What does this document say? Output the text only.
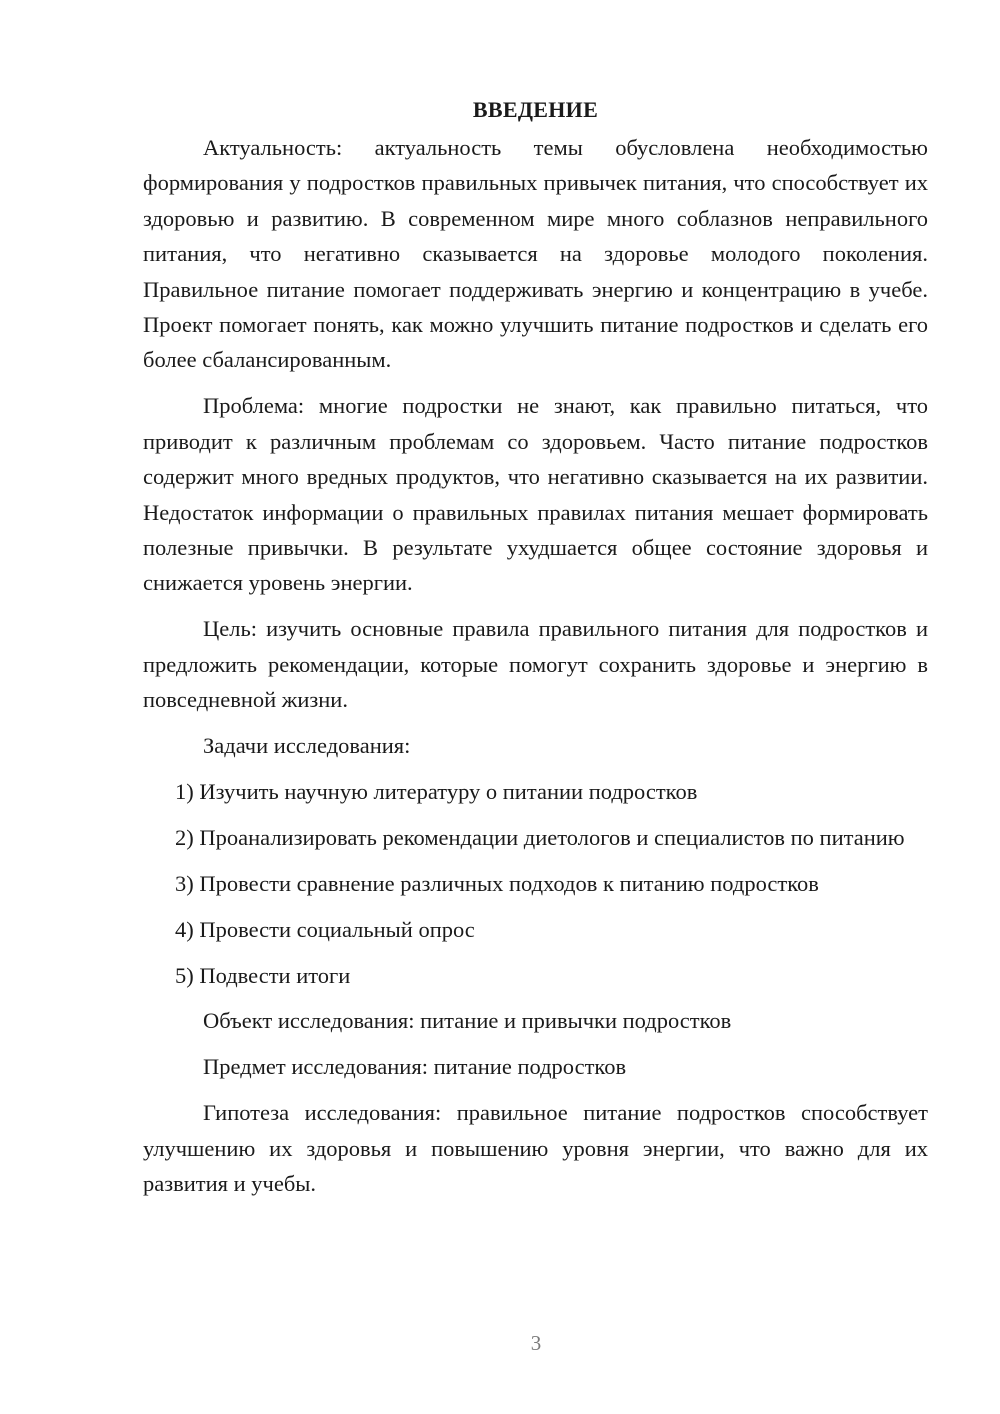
ВВЕДЕНИЕ

Актуальность: актуальность темы обусловлена необходимостью формирования у подростков правильных привычек питания, что способствует их здоровью и развитию. В современном мире много соблазнов неправильного питания, что негативно сказывается на здоровье молодого поколения. Правильное питание помогает поддерживать энергию и концентрацию в учебе. Проект помогает понять, как можно улучшить питание подростков и сделать его более сбалансированным.

Проблема: многие подростки не знают, как правильно питаться, что приводит к различным проблемам со здоровьем. Часто питание подростков содержит много вредных продуктов, что негативно сказывается на их развитии. Недостаток информации о правильных правилах питания мешает формировать полезные привычки. В результате ухудшается общее состояние здоровья и снижается уровень энергии.

Цель: изучить основные правила правильного питания для подростков и предложить рекомендации, которые помогут сохранить здоровье и энергию в повседневной жизни.

Задачи исследования:

1) Изучить научную литературу о питании подростков

2) Проанализировать рекомендации диетологов и специалистов по питанию

3) Провести сравнение различных подходов к питанию подростков

4) Провести социальный опрос

5) Подвести итоги

Объект исследования: питание и привычки подростков

Предмет исследования: питание подростков

Гипотеза исследования: правильное питание подростков способствует улучшению их здоровья и повышению уровня энергии, что важно для их развития и учебы.

3
